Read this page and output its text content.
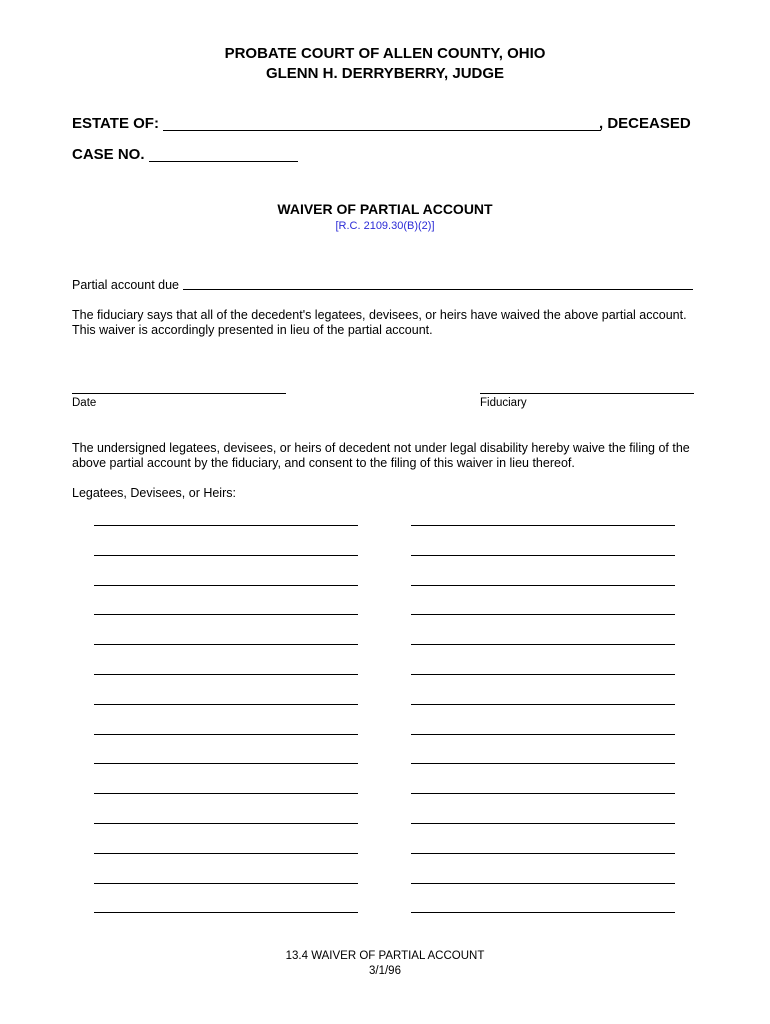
PROBATE COURT OF ALLEN COUNTY, OHIO
GLENN H. DERRYBERRY, JUDGE
ESTATE OF:	, DECEASED
CASE NO.
WAIVER OF PARTIAL ACCOUNT
[R.C. 2109.30(B)(2)]
Partial account due
The fiduciary says that all of the decedent's legatees, devisees, or heirs have waived the above partial account.
This waiver is accordingly presented in lieu of the partial account.
Date	Fiduciary
The undersigned legatees, devisees, or heirs of decedent not under legal disability hereby waive the filing of the
above partial account by the fiduciary, and consent to the filing of this waiver in lieu thereof.
Legatees, Devisees, or Heirs:
13.4 WAIVER OF PARTIAL ACCOUNT
3/1/96
